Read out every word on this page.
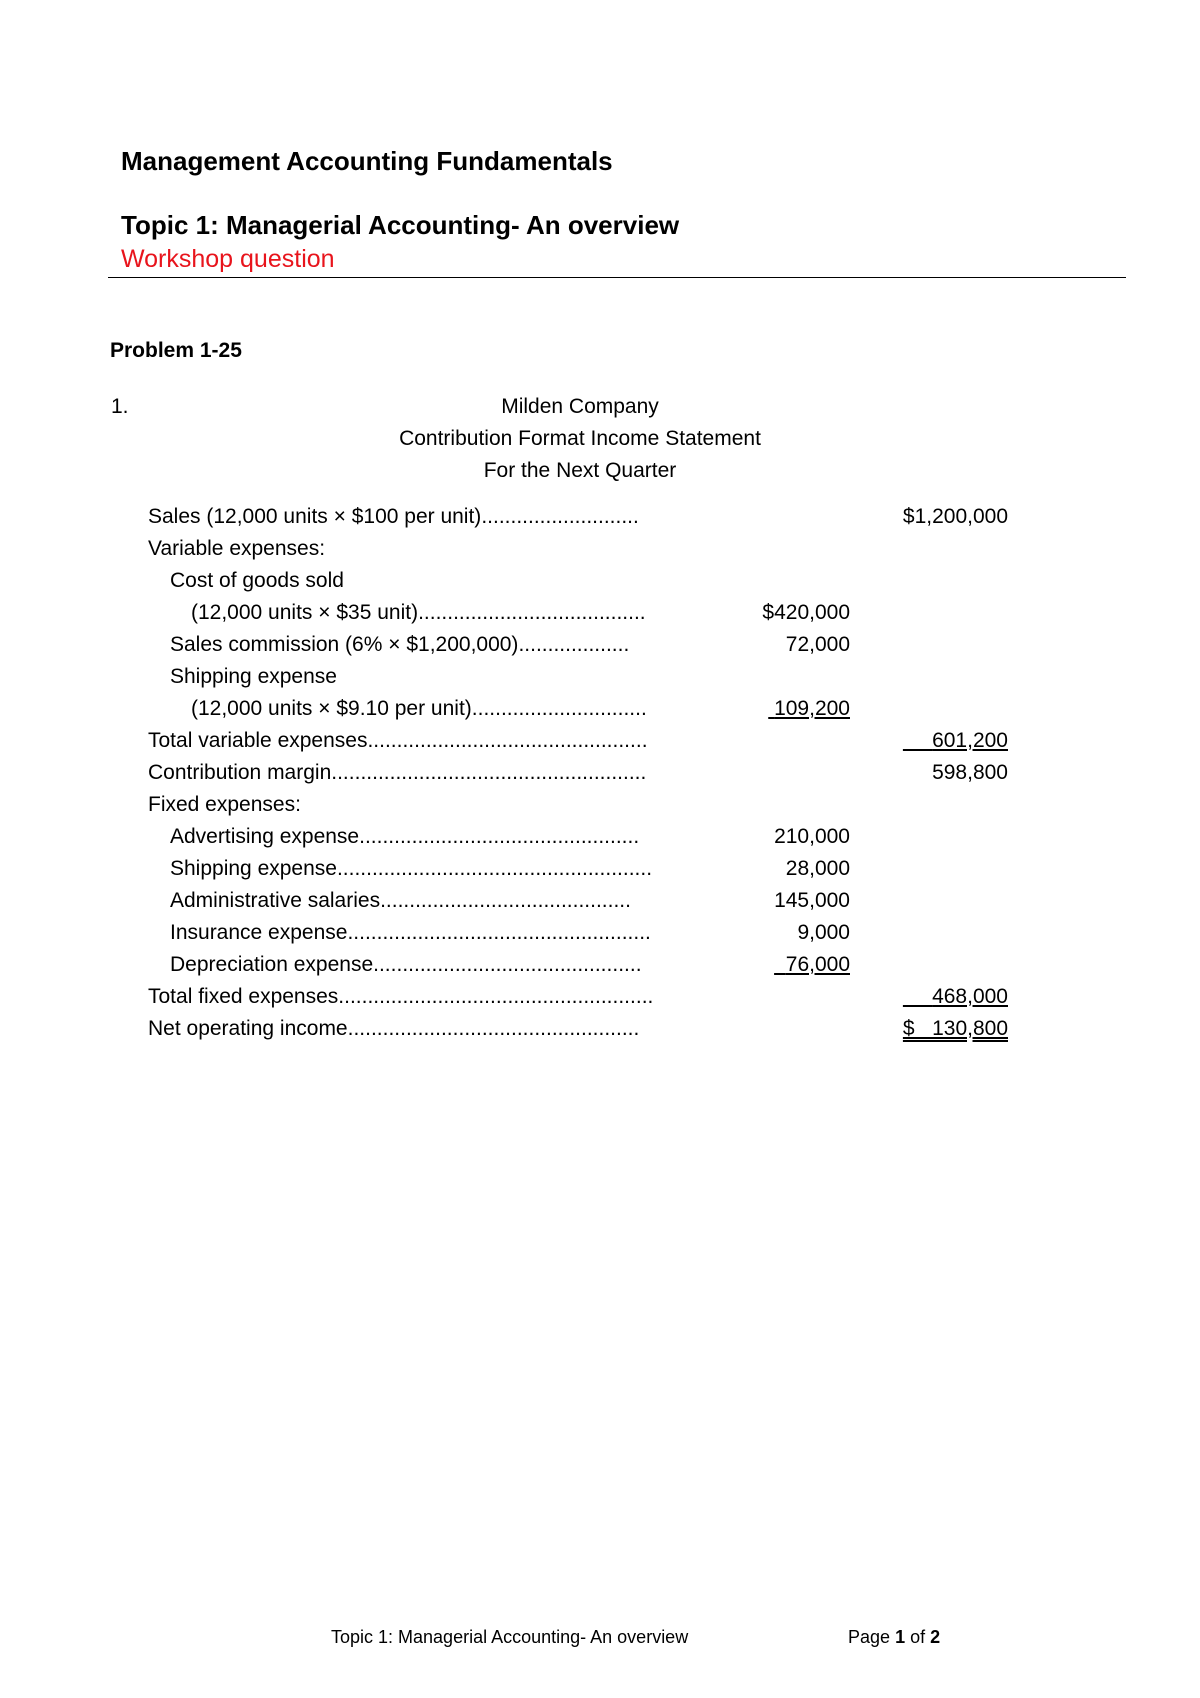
Management Accounting Fundamentals
Topic 1: Managerial Accounting- An overview
Workshop question
Problem 1-25
1.	Milden Company
Contribution Format Income Statement
For the Next Quarter
Sales (12,000 units × $100 per unit)...........................	$1,200,000
Variable expenses:
Cost of goods sold
(12,000 units × $35 unit).......................................	$420,000
Sales commission (6% × $1,200,000)...................	72,000
Shipping expense
(12,000 units × $9.10 per unit)..............................	109,200
Total variable expenses................................................	601,200
Contribution margin......................................................	598,800
Fixed expenses:
Advertising expense................................................	210,000
Shipping expense......................................................	28,000
Administrative salaries...........................................	145,000
Insurance expense....................................................	9,000
Depreciation expense..............................................	76,000
Total fixed expenses......................................................	468,000
Net operating income..................................................	$   130,800
Topic 1: Managerial Accounting- An overview	Page 1 of 2
